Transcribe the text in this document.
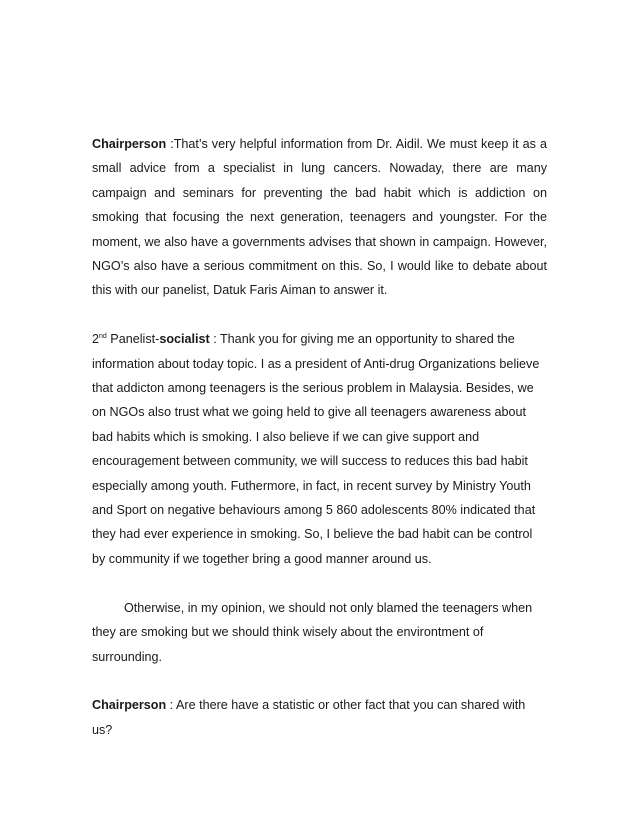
Chairperson :That’s very helpful information from Dr. Aidil. We must keep it as a small advice from a specialist in lung cancers. Nowaday, there are many campaign and seminars for preventing the bad habit which is addiction on smoking that focusing the next generation, teenagers and youngster. For the moment, we also have a governments advises that shown in campaign. However, NGO’s also have a serious commitment on this. So, I would like to debate about this with our panelist, Datuk Faris Aiman to answer it.

2nd Panelist-socialist : Thank you for giving me an opportunity to shared the information about today topic. I as a president of Anti-drug Organizations believe that addicton among teenagers is the serious problem in Malaysia. Besides, we on NGOs also trust what we going held to give all teenagers awareness about bad habits which is smoking. I also believe if we can give support and encouragement between community, we will success to reduces this bad habit especially among youth. Futhermore, in fact, in recent survey by Ministry Youth and Sport on negative behaviours among 5 860 adolescents 80% indicated that they had ever experience in smoking. So, I believe the bad habit can be control by community if we together bring a good manner around us.

Otherwise, in my opinion, we should not only blamed the teenagers when they are smoking but we should think wisely about the environtment of surrounding.

Chairperson : Are there have a statistic or other fact that you can shared with us?
